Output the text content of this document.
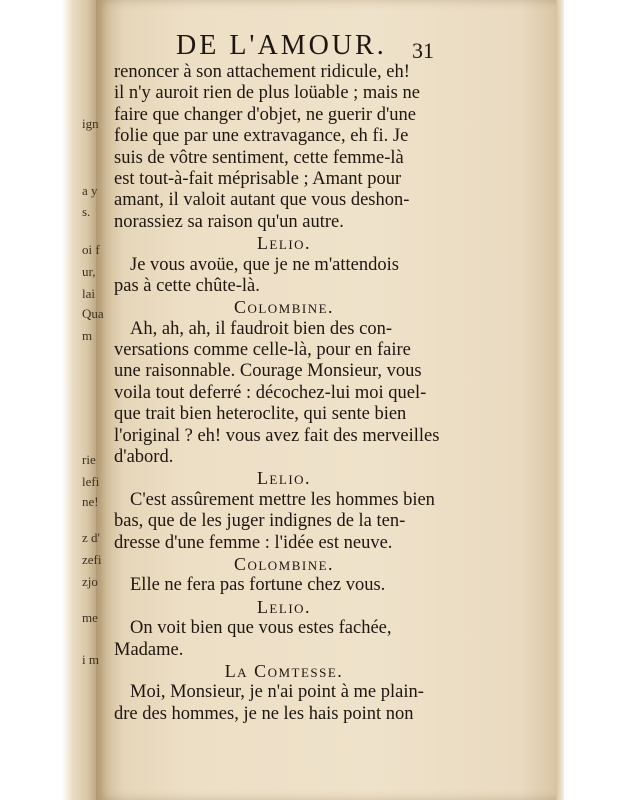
ign
a y
s.
oi f
ur,
lai
Qua
m
rie
lefi
ne!
z d'
zefi
zjo
me
i m
DE L'AMOUR. 31
renoncer à son attachement ridicule, eh!
il n'y auroit rien de plus loüable ; mais ne
faire que changer d'objet, ne guerir d'une
folie que par une extravagance, eh fi. Je
suis de vôtre sentiment, cette femme-là
est tout-à-fait méprisable ; Amant pour
amant, il valoit autant que vous deshon-
norassiez sa raison qu'un autre.
Lelio.
Je vous avoüe, que je ne m'attendois
pas à cette chûte-là.
Colombine.
Ah, ah, ah, il faudroit bien des con-
versations comme celle-là, pour en faire
une raisonnable. Courage Monsieur, vous
voila tout deferré : décochez-lui moi quel-
que trait bien heteroclite, qui sente bien
l'original ? eh! vous avez fait des merveilles
d'abord.
Lelio.
C'est assûrement mettre les hommes bien
bas, que de les juger indignes de la ten-
dresse d'une femme : l'idée est neuve.
Colombine.
Elle ne fera pas fortune chez vous.
Lelio.
On voit bien que vous estes fachée,
Madame.
La Comtesse.
Moi, Monsieur, je n'ai point à me plain-
dre des hommes, je ne les hais point non
